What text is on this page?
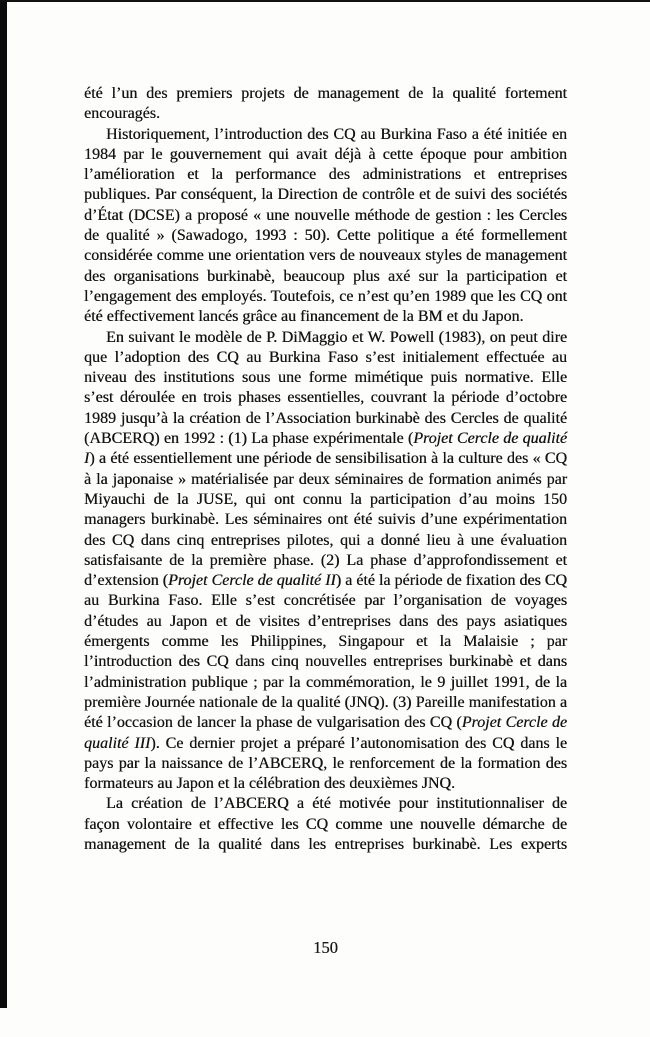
été l’un des premiers projets de management de la qualité fortement encouragés.

Historiquement, l’introduction des CQ au Burkina Faso a été initiée en 1984 par le gouvernement qui avait déjà à cette époque pour ambition l’amélioration et la performance des administrations et entreprises publiques. Par conséquent, la Direction de contrôle et de suivi des sociétés d’État (DCSE) a proposé « une nouvelle méthode de gestion : les Cercles de qualité » (Sawadogo, 1993 : 50). Cette politique a été formellement considérée comme une orientation vers de nouveaux styles de management des organisations burkinabè, beaucoup plus axé sur la participation et l’engagement des employés. Toutefois, ce n’est qu’en 1989 que les CQ ont été effectivement lancés grâce au financement de la BM et du Japon.

En suivant le modèle de P. DiMaggio et W. Powell (1983), on peut dire que l’adoption des CQ au Burkina Faso s’est initialement effectuée au niveau des institutions sous une forme mimétique puis normative. Elle s’est déroulée en trois phases essentielles, couvrant la période d’octobre 1989 jusqu’à la création de l’Association burkinabè des Cercles de qualité (ABCERQ) en 1992 : (1) La phase expérimentale (Projet Cercle de qualité I) a été essentiellement une période de sensibilisation à la culture des « CQ à la japonaise » matérialisée par deux séminaires de formation animés par Miyauchi de la JUSE, qui ont connu la participation d’au moins 150 managers burkinabè. Les séminaires ont été suivis d’une expérimentation des CQ dans cinq entreprises pilotes, qui a donné lieu à une évaluation satisfaisante de la première phase. (2) La phase d’approfondissement et d’extension (Projet Cercle de qualité II) a été la période de fixation des CQ au Burkina Faso. Elle s’est concrétisée par l’organisation de voyages d’études au Japon et de visites d’entreprises dans des pays asiatiques émergents comme les Philippines, Singapour et la Malaisie ; par l’introduction des CQ dans cinq nouvelles entreprises burkinabè et dans l’administration publique ; par la commémoration, le 9 juillet 1991, de la première Journée nationale de la qualité (JNQ). (3) Pareille manifestation a été l’occasion de lancer la phase de vulgarisation des CQ (Projet Cercle de qualité III). Ce dernier projet a préparé l’autonomisation des CQ dans le pays par la naissance de l’ABCERQ, le renforcement de la formation des formateurs au Japon et la célébration des deuxièmes JNQ.

La création de l’ABCERQ a été motivée pour institutionnaliser de façon volontaire et effective les CQ comme une nouvelle démarche de management de la qualité dans les entreprises burkinabè. Les experts

150
